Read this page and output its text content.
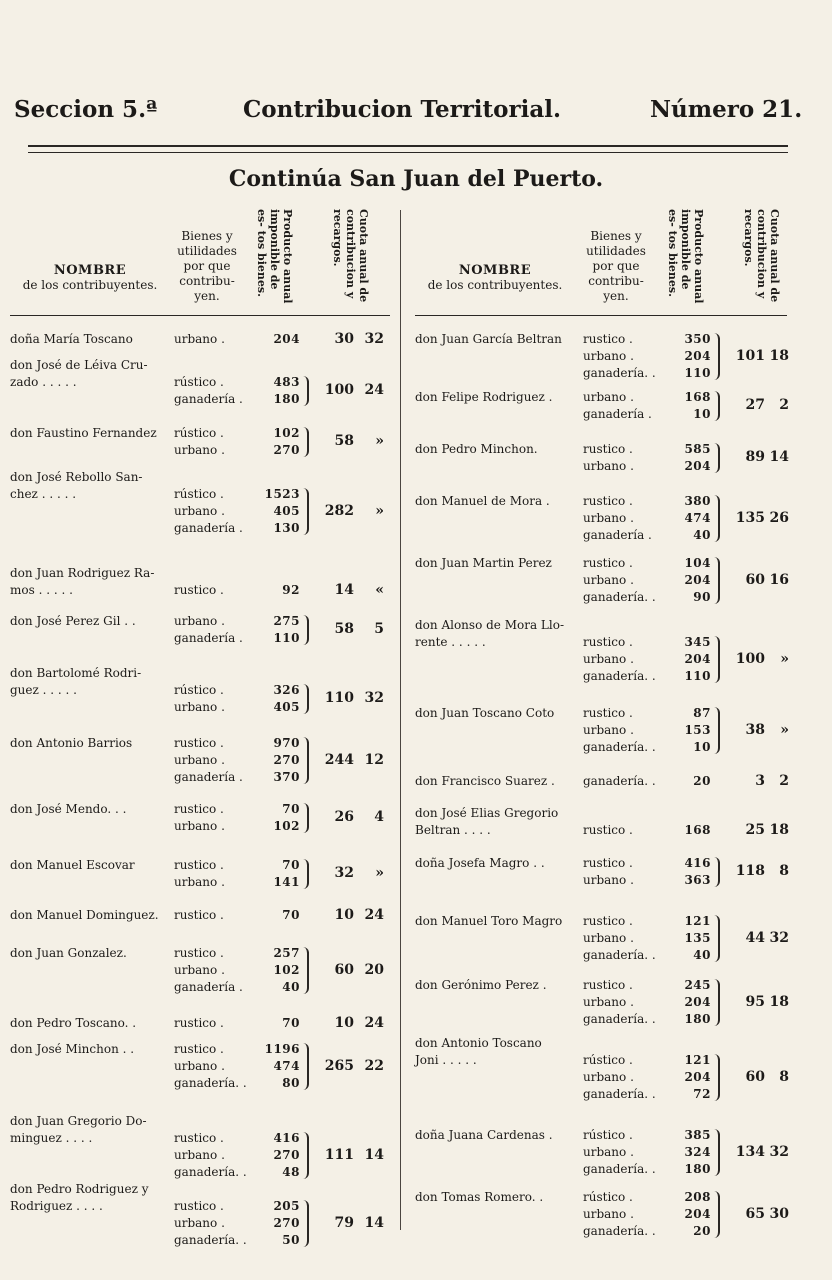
Seccion 5.ª	Contribucion Territorial.	Número 21.
Continúa San Juan del Puerto.
NOMBRE
de los contribuyentes.
Bienes y
utilidades
por que
contribu-
yen.	Producto anual imponible de es- tos bienes.	Cuota anual de contribucion y recargos.
doña María Toscano	urbano .	204	30 32
don José de Léiva Cru-
zado . . . . .	rústico .	483
ganadería .	180
100 24
don Faustino Fernandez	rústico .	102
urbano .	270
58	»
don José Rebollo San-
chez . . . . .	rústico .	1523
urbano .	405
ganadería .	130
282	»
don Juan Rodriguez Ra-
mos . . . . .	rustico .	92	14	«
don José Perez Gil . .	urbano .	275
ganadería .	110
58	5
don Bartolomé Rodri-
guez . . . . .	rústico .	326
urbano .	405
110 32
don Antonio Barrios	rustico .	970
urbano .	270
ganadería .	370
244 12
don José Mendo. . .	rustico .	70
urbano .	102
26	4
don Manuel Escovar	rustico .	70
urbano .	141
32	»
don Manuel Dominguez.	rustico .	70	10 24
don Juan Gonzalez.	rustico .	257
urbano .	102
ganadería .	40
60 20
don Pedro Toscano. .	rustico .	70	10 24
don José Minchon . .	rustico .	1196
urbano .	474
ganadería. .	80
265 22
don Juan Gregorio Do-
minguez . . . .	rustico .	416
urbano .	270
ganadería. .	48
111 14
don Pedro Rodriguez y
Rodriguez . . . .	rustico .	205
urbano .	270
ganadería. .	50
79 14
NOMBRE
de los contribuyentes.
Bienes y
utilidades
por que
contribu-
yen.	Producto anual imponible de es- tos bienes.	Cuota anual de contribucion y recargos.
don Juan García Beltran	rustico .	350
urbano .	204
ganadería. .	110
101 18
don Felipe Rodriguez .	urbano .	168
ganadería .	10
27	2
don Pedro Minchon.	rustico .	585
urbano .	204
89 14
don Manuel de Mora .	rustico .	380
urbano .	474
ganadería .	40
135 26
don Juan Martin Perez	rustico .	104
urbano .	204
ganadería. .	90
60 16
don Alonso de Mora Llo-
rente . . . . .	rustico .	345
urbano .	204
ganadería. .	110
100	»
don Juan Toscano Coto	rustico .	87
urbano .	153
ganadería. .	10
38	»
don Francisco Suarez .	ganadería. .	20	3	2
don José Elias Gregorio
Beltran . . . .	rustico .	168	25 18
doña Josefa Magro . .	rustico .	416
urbano .	363
118	8
don Manuel Toro Magro	rustico .	121
urbano .	135
ganadería. .	40
44 32
don Gerónimo Perez .	rustico .	245
urbano .	204
ganadería. .	180
95 18
don Antonio Toscano
Joni . . . . .	rústico .	121
urbano .	204
ganadería. .	72
60	8
doña Juana Cardenas .	rústico .	385
urbano .	324
ganadería. .	180
134 32
don Tomas Romero. .	rústico .	208
urbano .	204
ganadería. .	20
65 30
